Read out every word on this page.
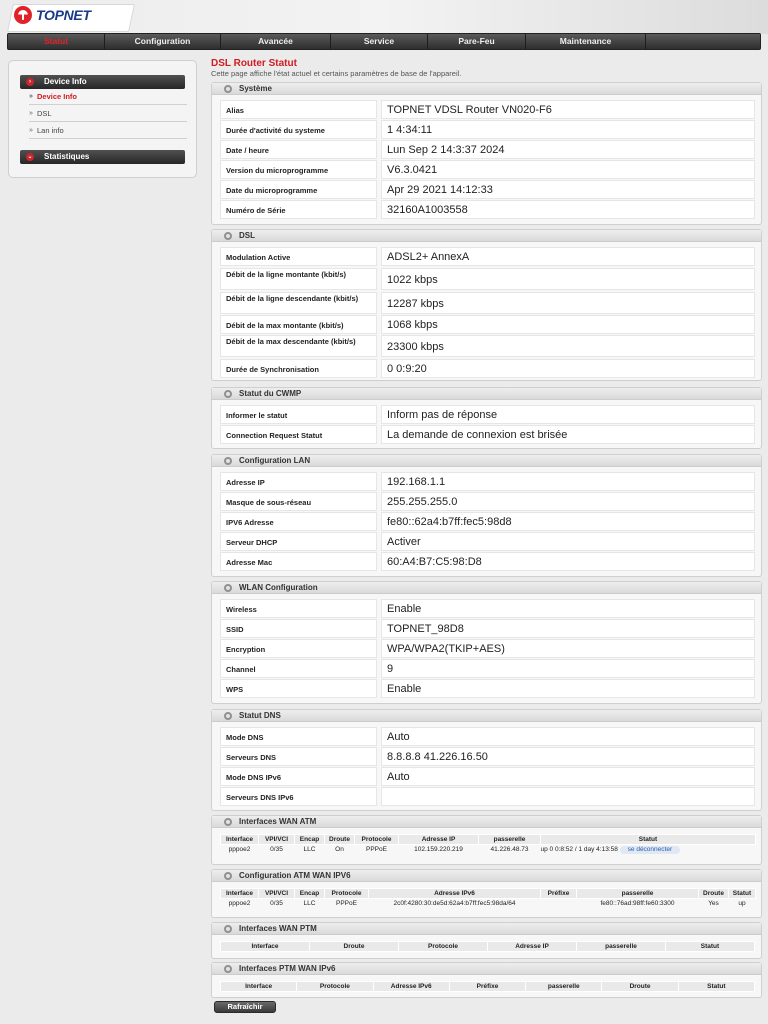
TOPNET
Statut	Configuration	Avancée	Service	Pare-Feu	Maintenance
›	Device Info
» Device Info
» DSL
» Lan info
⌄ Statistiques
DSL Router Statut
Cette page affiche l'état actuel et certains paramètres de base de l'appareil.
Système
Alias	TOPNET VDSL Router VN020-F6
Durée d'activité du systeme	1 4:34:11
Date / heure	Lun Sep 2 14:3:37 2024
Version du microprogramme	V6.3.0421
Date du microprogramme	Apr 29 2021 14:12:33
Numéro de Série	32160A1003558
DSL
Modulation Active	ADSL2+ AnnexA
Débit de la ligne montante (kbit/s)	1022 kbps
Débit de la ligne descendante (kbit/s)	12287 kbps
Débit de la max montante (kbit/s)	1068 kbps
Débit de la max descendante (kbit/s)	23300 kbps
Durée de Synchronisation	0 0:9:20
Statut du CWMP
Informer le statut	Inform pas de réponse
Connection Request Statut	La demande de connexion est brisée
Configuration LAN
Adresse IP	192.168.1.1
Masque de sous-réseau	255.255.255.0
IPV6 Adresse	fe80::62a4:b7ff:fec5:98d8
Serveur DHCP	Activer
Adresse Mac	60:A4:B7:C5:98:D8
WLAN Configuration
Wireless	Enable
SSID	TOPNET_98D8
Encryption	WPA/WPA2(TKIP+AES)
Channel	9
WPS	Enable
Statut DNS
Mode DNS	Auto
Serveurs DNS	8.8.8.8 41.226.16.50
Mode DNS IPv6	Auto
Serveurs DNS IPv6
Interfaces WAN ATM
Interface	VPI/VCI	Encap	Droute	Protocole	Adresse IP	passerelle	Statut
pppoe2	0/35	LLC	On	PPPoE	102.159.220.219	41.226.48.73	up 0 0:8:52 / 1 day 4:13:58 se déconnecter
Configuration ATM WAN IPV6
Interface	VPI/VCI	Encap	Protocole	Adresse IPv6	Préfixe	passerelle	Droute	Statut
pppoe2	0/35	LLC	PPPoE	2c0f:4280:30:de5d:62a4:b7ff:fec5:98da/64		fe80::76ad:98ff:fe60:3300	Yes	up
Interfaces WAN PTM
Interface	Droute	Protocole	Adresse IP	passerelle	Statut
Interfaces PTM WAN IPv6
Interface	Protocole	Adresse IPv6	Préfixe	passerelle	Droute	Statut
Rafraîchir
